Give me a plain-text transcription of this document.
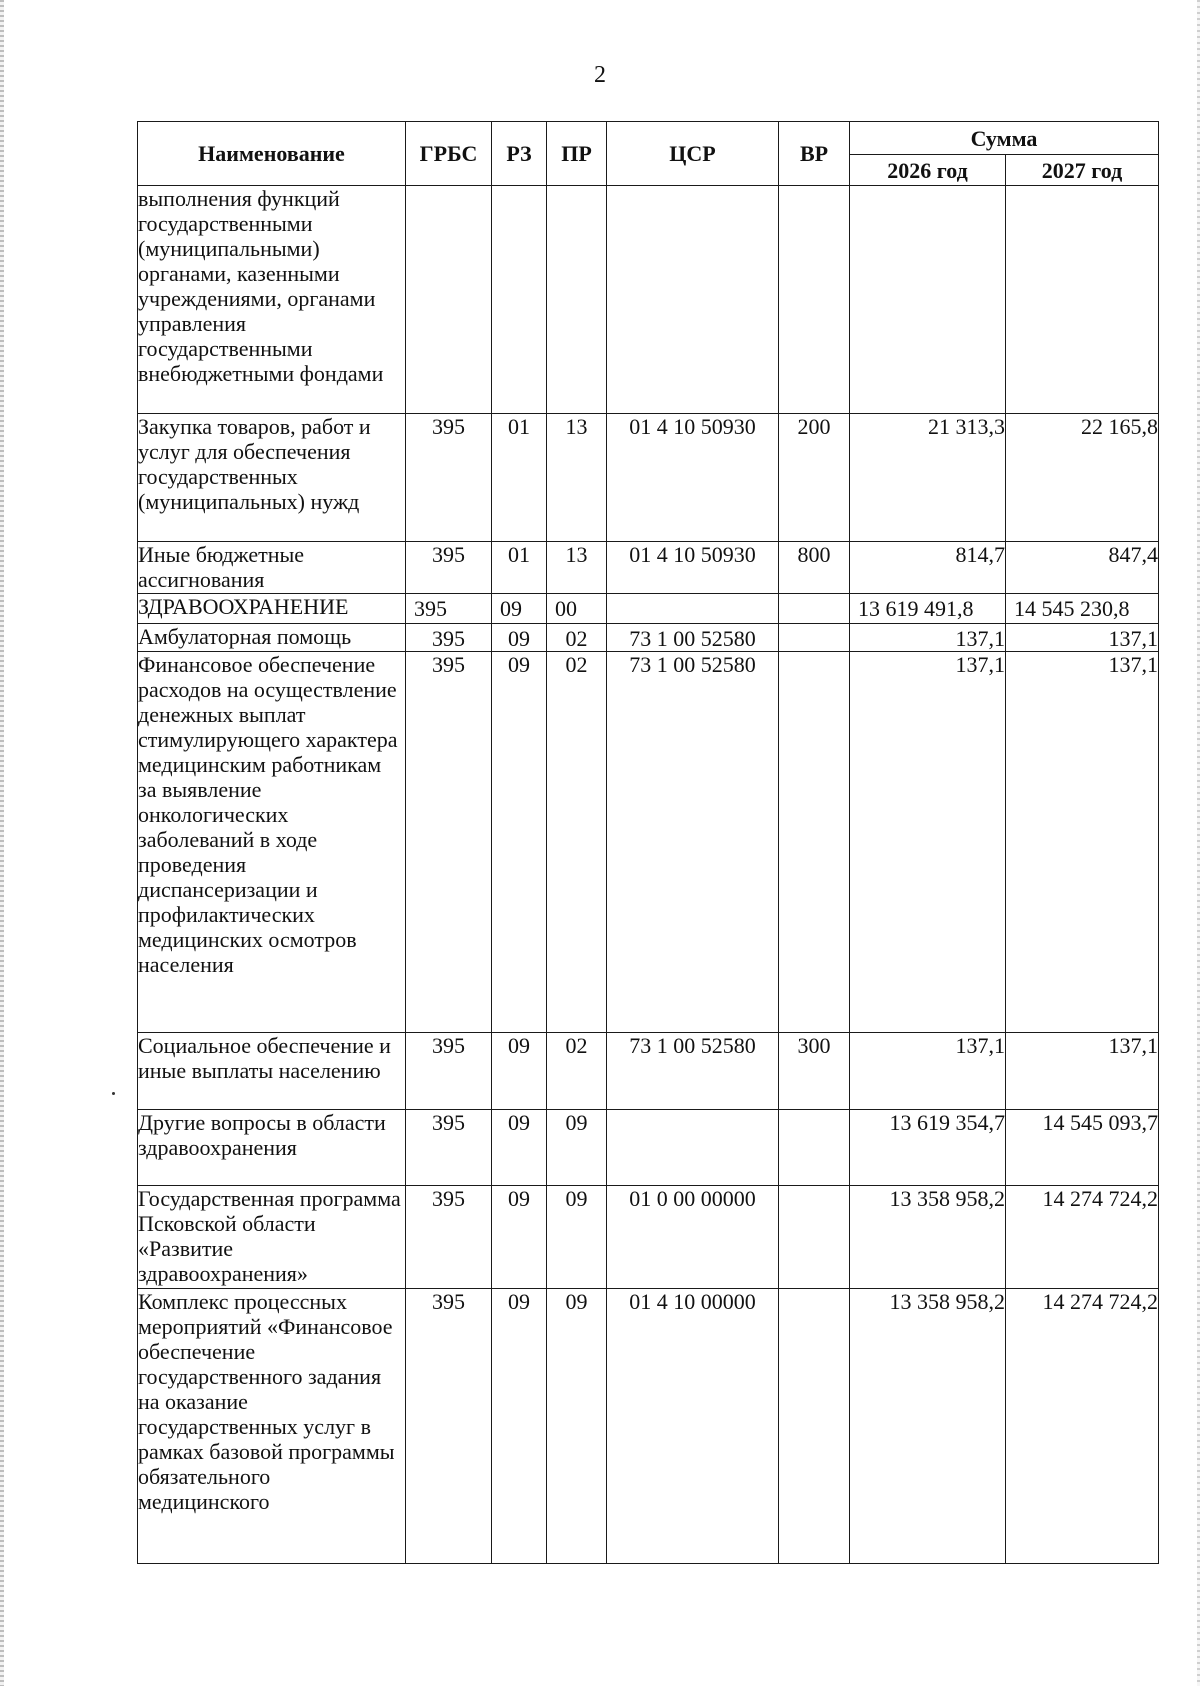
2
Наименование	ГРБС	РЗ	ПР	ЦСР	ВР	Сумма	
						2026 год	2027 год
выполнения функций государственными (муниципальными) органами, казенными учреждениями, органами управления государственными внебюджетными фондами							
Закупка товаров, работ и услуг для обеспечения государственных (муниципальных) нужд	395	01	13	01 4 10 50930	200	21 313,3	22 165,8
Иные бюджетные ассигнования	395	01	13	01 4 10 50930	800	814,7	847,4
ЗДРАВООХРАНЕНИЕ	395	09	00			13 619 491,8	14 545 230,8
Амбулаторная помощь	395	09	02	73 1 00 52580		137,1	137,1
Финансовое обеспечение расходов на осуществление денежных выплат стимулирующего характера медицинским работникам за выявление онкологических заболеваний в ходе проведения диспансеризации и профилактических медицинских осмотров населения	395	09	02	73 1 00 52580		137,1	137,1
Социальное обеспечение и иные выплаты населению	395	09	02	73 1 00 52580	300	137,1	137,1
Другие вопросы в области здравоохранения	395	09	09			13 619 354,7	14 545 093,7
Государственная программа Псковской области «Развитие здравоохранения»	395	09	09	01 0 00 00000		13 358 958,2	14 274 724,2
Комплекс процессных мероприятий «Финансовое обеспечение государственного задания на оказание государственных услуг в рамках базовой программы обязательного медицинского	395	09	09	01 4 10 00000		13 358 958,2	14 274 724,2
